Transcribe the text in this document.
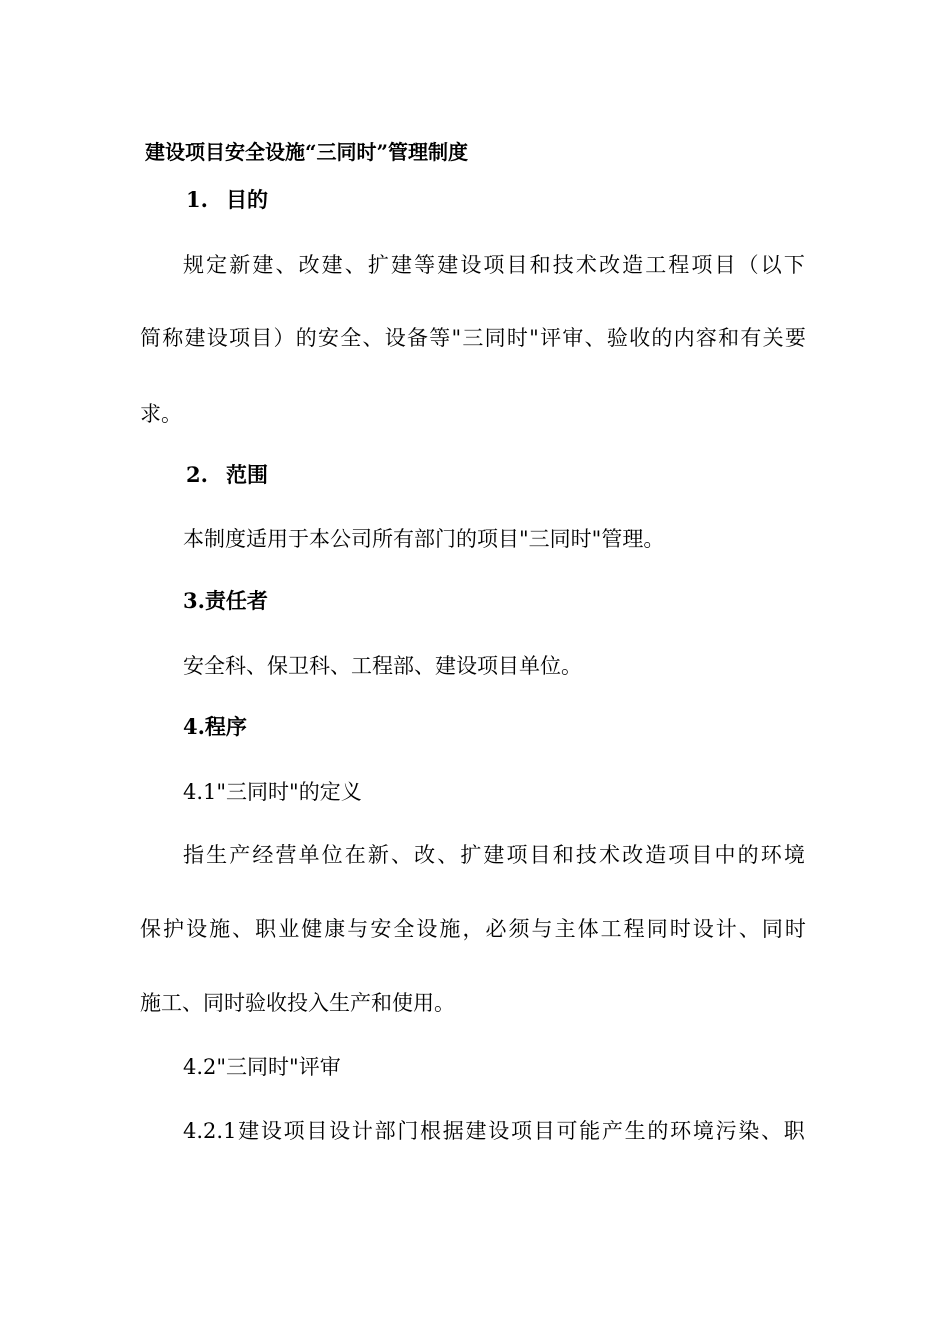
建设项目安全设施“三同时”管理制度
1. 目的
规 定 新 建 、 改 建 、 扩 建 等 建 设 项 目 和 技 术 改 造 工 程 项 目 （ 以 下
简 称 建 设 项 目 ） 的 安 全 、 设 备 等 " 三 同 时 " 评 审 、 验 收 的 内 容 和 有 关 要
求。
2. 范围
本制度适用于本公司所有部门的项目"三同时"管理。
3.责任者
安全科、保卫科、工程部、建设项目单位。
4.程序
4.1"三同时"的定义
指 生 产 经 营 单 位 在 新 、 改 、 扩 建 项 目 和 技 术 改 造 项 目 中 的 环 境
保 护 设 施 、 职 业 健 康 与 安 全 设 施 ， 必 须 与 主 体 工 程 同 时 设 计 、 同 时
施工、同时验收投入生产和使用。
4.2"三同时"评审
4.2.1 建 设 项 目 设 计 部 门 根 据 建 设 项 目 可 能 产 生 的 环 境 污 染 、 职
